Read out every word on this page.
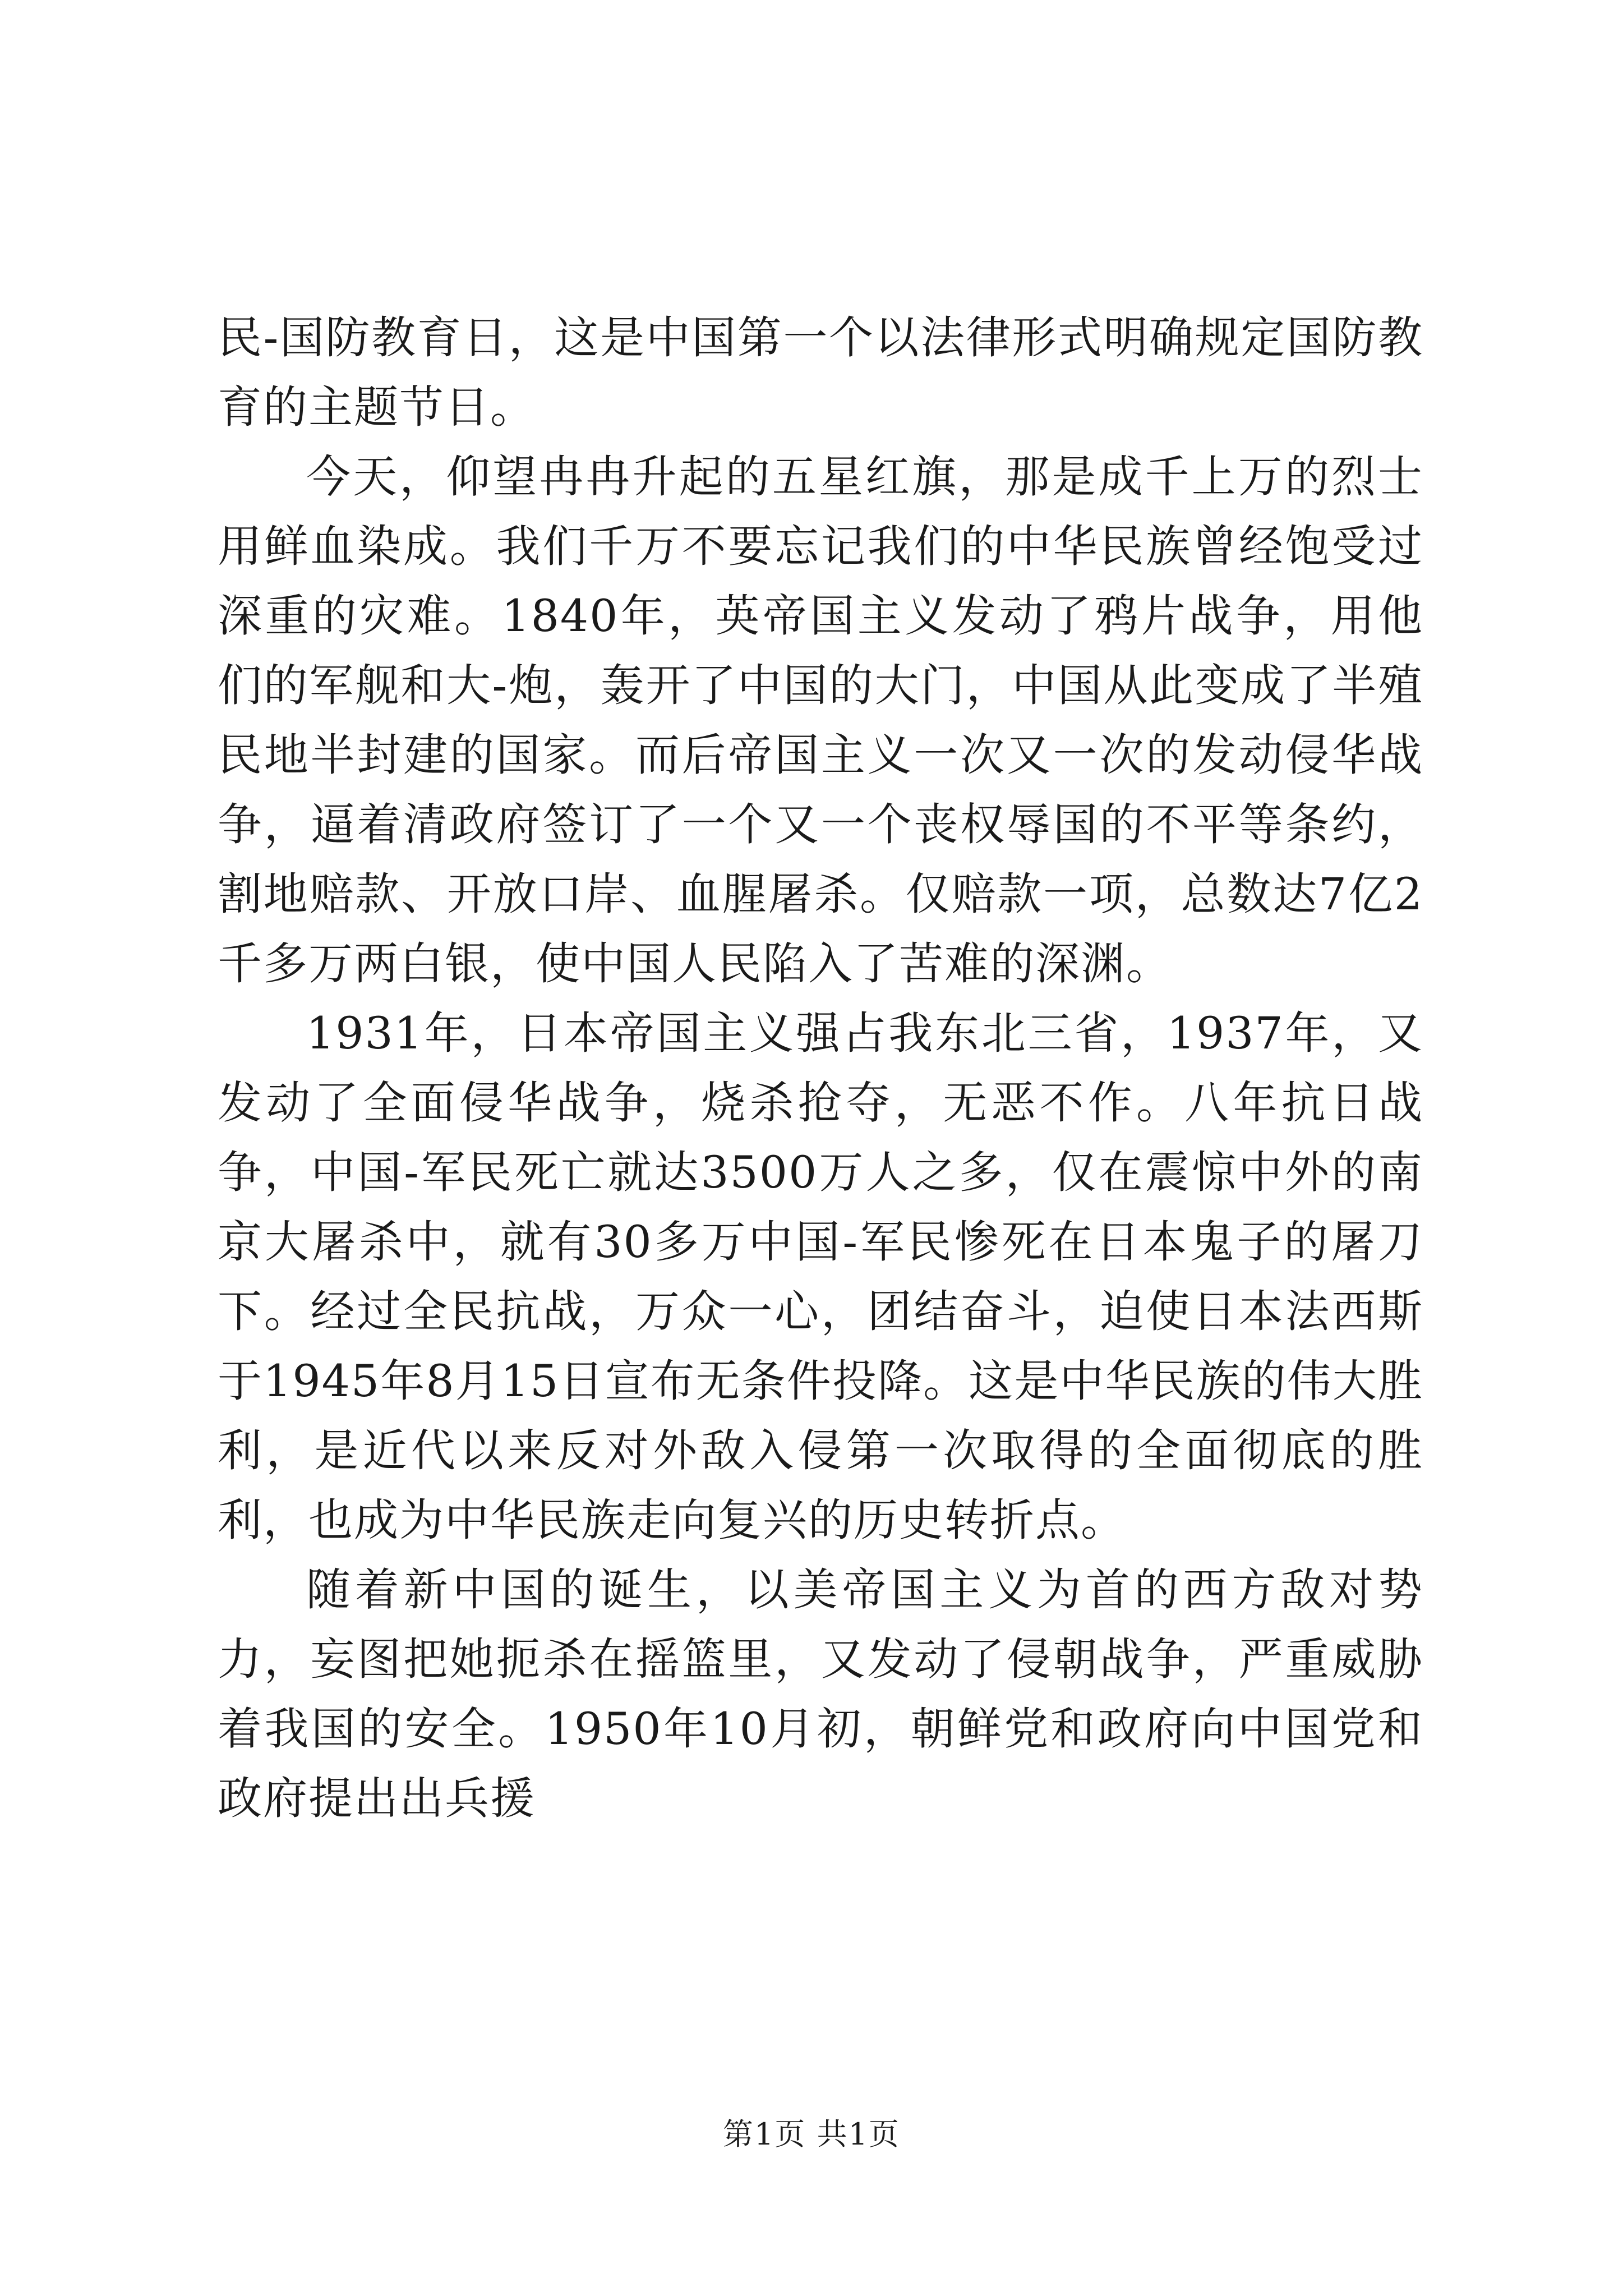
民-国防教育日，这是中国第一个以法律形式明确规定国防教育的主题节日。

今天，仰望冉冉升起的五星红旗，那是成千上万的烈士用鲜血染成。我们千万不要忘记我们的中华民族曾经饱受过深重的灾难。1840年，英帝国主义发动了鸦片战争，用他们的军舰和大-炮，轰开了中国的大门，中国从此变成了半殖民地半封建的国家。而后帝国主义一次又一次的发动侵华战争，逼着清政府签订了一个又一个丧权辱国的不平等条约，割地赔款、开放口岸、血腥屠杀。仅赔款一项，总数达7亿2千多万两白银，使中国人民陷入了苦难的深渊。

1931年，日本帝国主义强占我东北三省，1937年，又发动了全面侵华战争，烧杀抢夺，无恶不作。八年抗日战争，中国-军民死亡就达3500万人之多，仅在震惊中外的南京大屠杀中，就有30多万中国-军民惨死在日本鬼子的屠刀下。经过全民抗战，万众一心，团结奋斗，迫使日本法西斯于1945年8月15日宣布无条件投降。这是中华民族的伟大胜利，是近代以来反对外敌入侵第一次取得的全面彻底的胜利，也成为中华民族走向复兴的历史转折点。

随着新中国的诞生，以美帝国主义为首的西方敌对势力，妄图把她扼杀在摇篮里，又发动了侵朝战争，严重威胁着我国的安全。1950年10月初，朝鲜党和政府向中国党和政府提出出兵援

第1页 共1页
